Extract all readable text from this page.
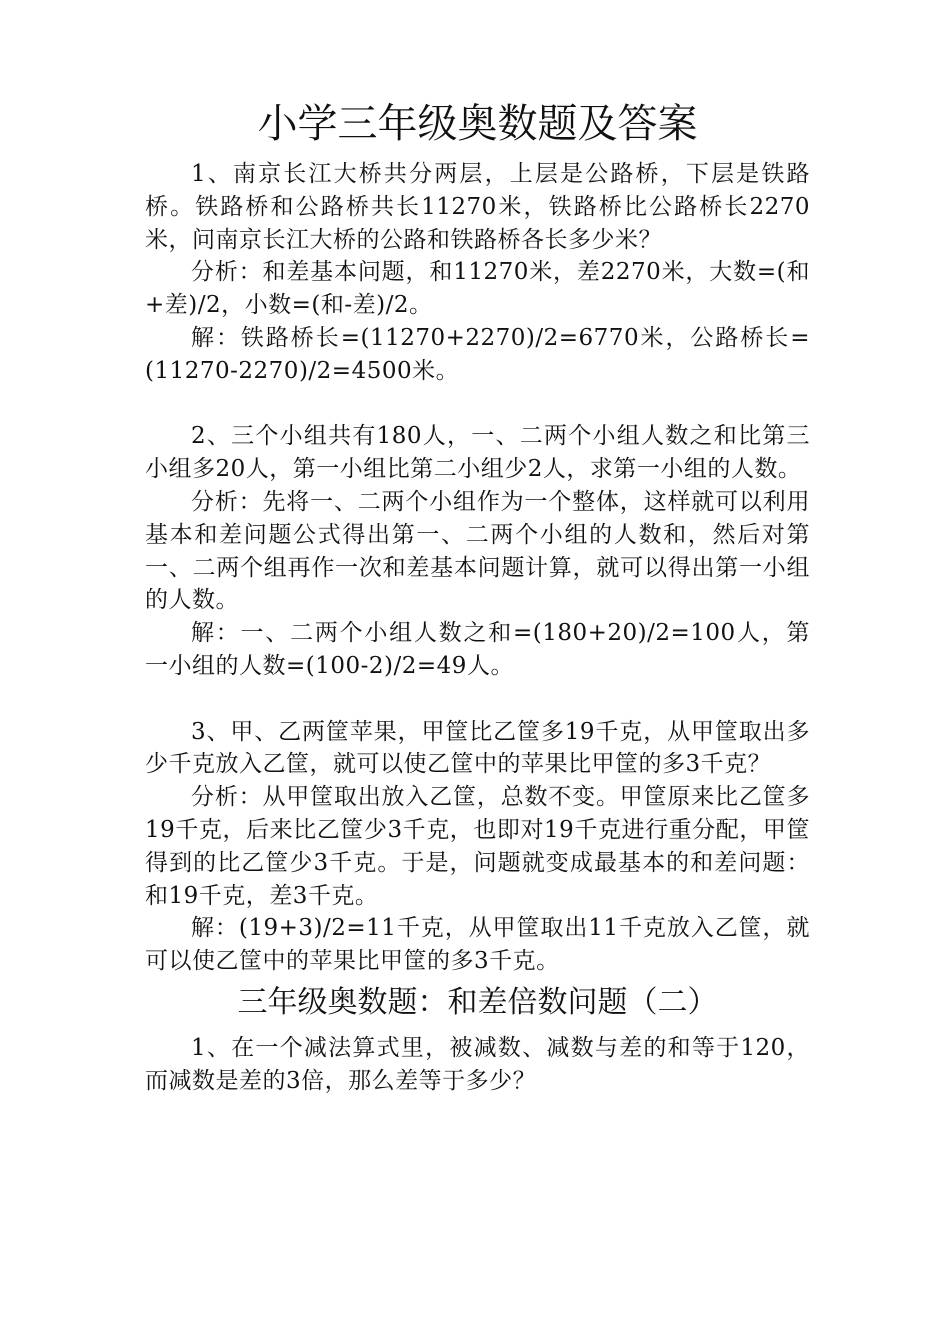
小学三年级奥数题及答案

1、南京长江大桥共分两层，上层是公路桥，下层是铁路桥。铁路桥和公路桥共长11270米，铁路桥比公路桥长2270米，问南京长江大桥的公路和铁路桥各长多少米？

分析：和差基本问题，和11270米，差2270米，大数=(和+差)/2，小数=(和-差)/2。

解：铁路桥长=(11270+2270)/2=6770米，公路桥长=(11270-2270)/2=4500米。

2、三个小组共有180人，一、二两个小组人数之和比第三小组多20人，第一小组比第二小组少2人，求第一小组的人数。

分析：先将一、二两个小组作为一个整体，这样就可以利用基本和差问题公式得出第一、二两个小组的人数和，然后对第一、二两个组再作一次和差基本问题计算，就可以得出第一小组的人数。

解：一、二两个小组人数之和=(180+20)/2=100人，第一小组的人数=(100-2)/2=49人。

3、甲、乙两筐苹果，甲筐比乙筐多19千克，从甲筐取出多少千克放入乙筐，就可以使乙筐中的苹果比甲筐的多3千克？

分析：从甲筐取出放入乙筐，总数不变。甲筐原来比乙筐多19千克，后来比乙筐少3千克，也即对19千克进行重分配，甲筐得到的比乙筐少3千克。于是，问题就变成最基本的和差问题：和19千克，差3千克。

解：(19+3)/2=11千克，从甲筐取出11千克放入乙筐，就可以使乙筐中的苹果比甲筐的多3千克。

三年级奥数题：和差倍数问题（二）

1、在一个减法算式里，被减数、减数与差的和等于120，而减数是差的3倍，那么差等于多少？
